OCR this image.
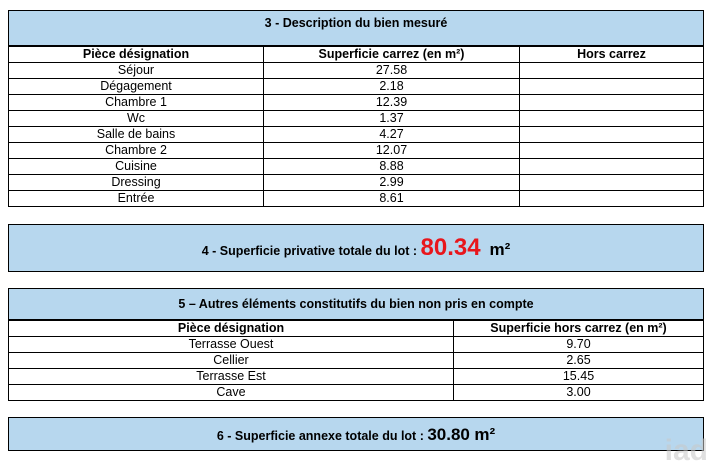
3 - Description du bien mesuré
Pièce désignation	Superficie carrez (en m²)	Hors carrez
Séjour	27.58	
Dégagement	2.18	
Chambre 1	12.39	
Wc	1.37	
Salle de bains	4.27	
Chambre 2	12.07	
Cuisine	8.88	
Dressing	2.99	
Entrée	8.61	
4 - Superficie privative totale du lot : 80.34 m²
5 – Autres éléments constitutifs du bien non pris en compte
Pièce désignation	Superficie hors carrez (en m²)
Terrasse Ouest	9.70
Cellier	2.65
Terrasse Est	15.45
Cave	3.00
6 - Superficie annexe totale du lot : 30.80 m²	iad
